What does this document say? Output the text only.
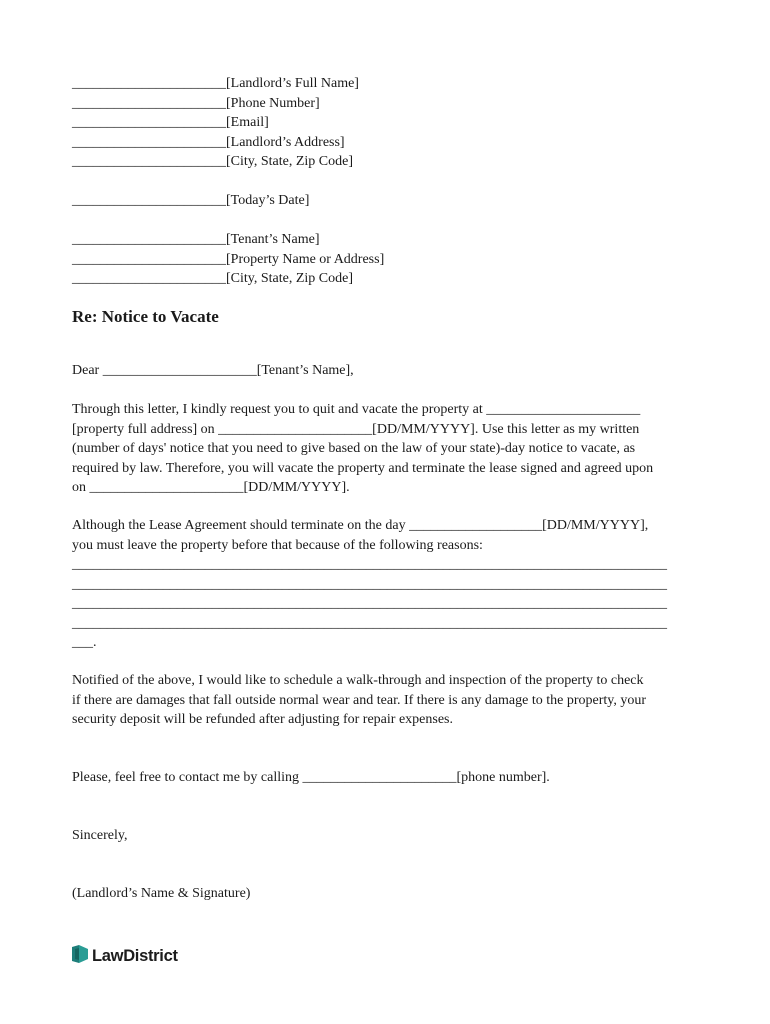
______________________[Landlord’s Full Name]
______________________[Phone Number]
______________________[Email]
______________________[Landlord’s Address]
______________________[City, State, Zip Code]
______________________[Today’s Date]
______________________[Tenant’s Name]
______________________[Property Name or Address]
______________________[City, State, Zip Code]
Re: Notice to Vacate
Dear ______________________[Tenant’s Name],
Through this letter, I kindly request you to quit and vacate the property at ______________________
[property full address] on ______________________[DD/MM/YYYY]. Use this letter as my written
(number of days' notice that you need to give based on the law of your state)-day notice to vacate, as
required by law. Therefore, you will vacate the property and terminate the lease signed and agreed upon
on ______________________[DD/MM/YYYY].
Although the Lease Agreement should terminate on the day ___________________[DD/MM/YYYY],
you must leave the property before that because of the following reasons:
_____________________________________________________________________________________
_____________________________________________________________________________________
_____________________________________________________________________________________
_____________________________________________________________________________________
___.
Notified of the above, I would like to schedule a walk-through and inspection of the property to check
if there are damages that fall outside normal wear and tear. If there is any damage to the property, your
security deposit will be refunded after adjusting for repair expenses.
Please, feel free to contact me by calling ______________________[phone number].
Sincerely,
(Landlord’s Name & Signature)
LawDistrict
